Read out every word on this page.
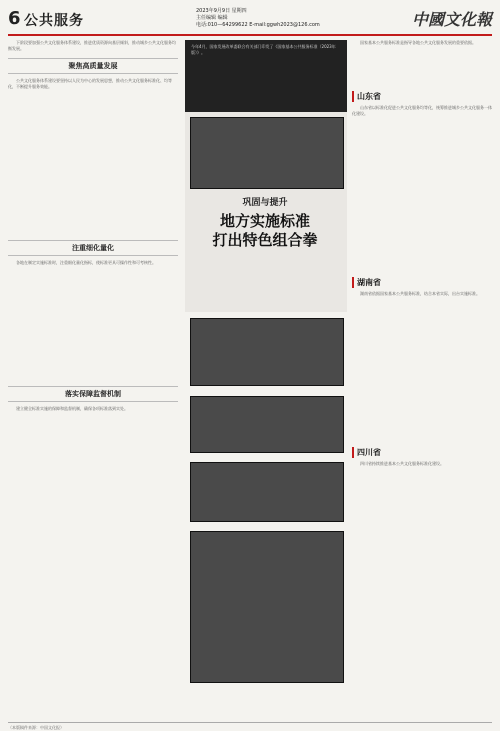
6 公共服务
2023年9月9日 星期四
主任编辑 编辑
电话:010—64299622 E-mail:ggwh2023@126.com	中國文化報

下阶段要加强公共文化服务体系建设，推进优质资源向基层倾斜，推动城乡公共文化服务均衡发展。

聚焦高质量发展

公共文化服务体系建设要坚持以人民为中心的发展思想，推动公共文化服务标准化、均等化，不断提升服务效能。

注重细化量化

各地在制定实施标准时，注重细化量化指标，使标准更具可操作性和可考核性。

落实保障监督机制

建立健全标准实施的保障和监督机制，确保各项标准落到实处。

今年4月，国家发展改革委联合有关部门印发了《国家基本公共服务标准（2023年版）》。
巩固与提升
地方实施标准
打出特色组合拳

国家基本公共服务标准是指导各地公共文化服务发展的重要依据。

山东省

山东省以标准化促进公共文化服务均等化，统筹推进城乡公共文化服务一体化建设。

湖南省

湖南省依据国家基本公共服务标准，结合本省实际，出台实施标准。

四川省

四川省持续推进基本公共文化服务标准化建设。

（本版稿件来源：中国文化报）
